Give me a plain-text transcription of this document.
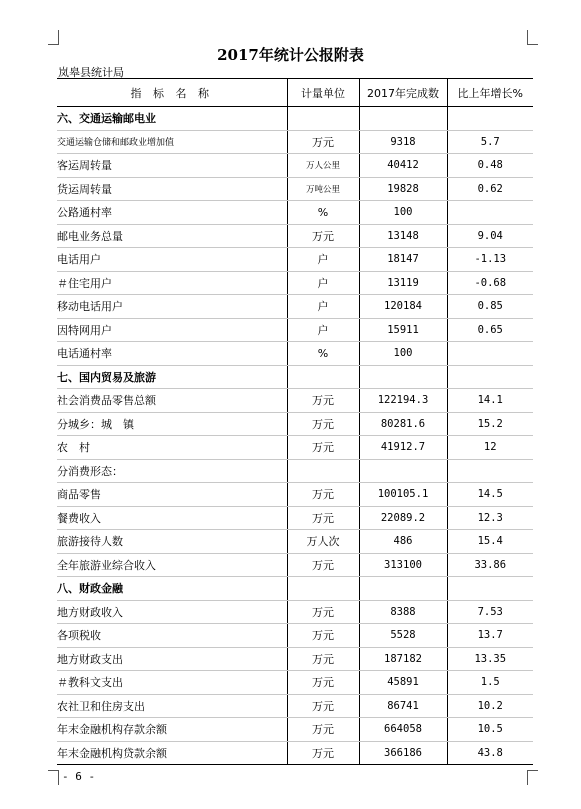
2017年统计公报附表
岚皋县统计局
指 标 名 称	计量单位	2017年完成数	比上年增长%
六、交通运输邮电业			
交通运输仓储和邮政业增加值	万元	9318	5.7
客运周转量	万人公里	40412	0.48
货运周转量	万吨公里	19828	0.62
公路通村率	%	100	
邮电业务总量	万元	13148	9.04
电话用户	户	18147	-1.13
＃住宅用户	户	13119	-0.68
移动电话用户	户	120184	0.85
因特网用户	户	15911	0.65
电话通村率	%	100	
七、国内贸易及旅游			
社会消费品零售总额	万元	122194.3	14.1
分城乡：城　镇	万元	80281.6	15.2
农　村	万元	41912.7	12
分消费形态：			
商品零售	万元	100105.1	14.5
餐费收入	万元	22089.2	12.3
旅游接待人数	万人次	486	15.4
全年旅游业综合收入	万元	313100	33.86
八、财政金融			
地方财政收入	万元	8388	7.53
各项税收	万元	5528	13.7
地方财政支出	万元	187182	13.35
＃教科文支出	万元	45891	1.5
农社卫和住房支出	万元	86741	10.2
年末金融机构存款余额	万元	664058	10.5
年末金融机构贷款余额	万元	366186	43.8
- 6 -
